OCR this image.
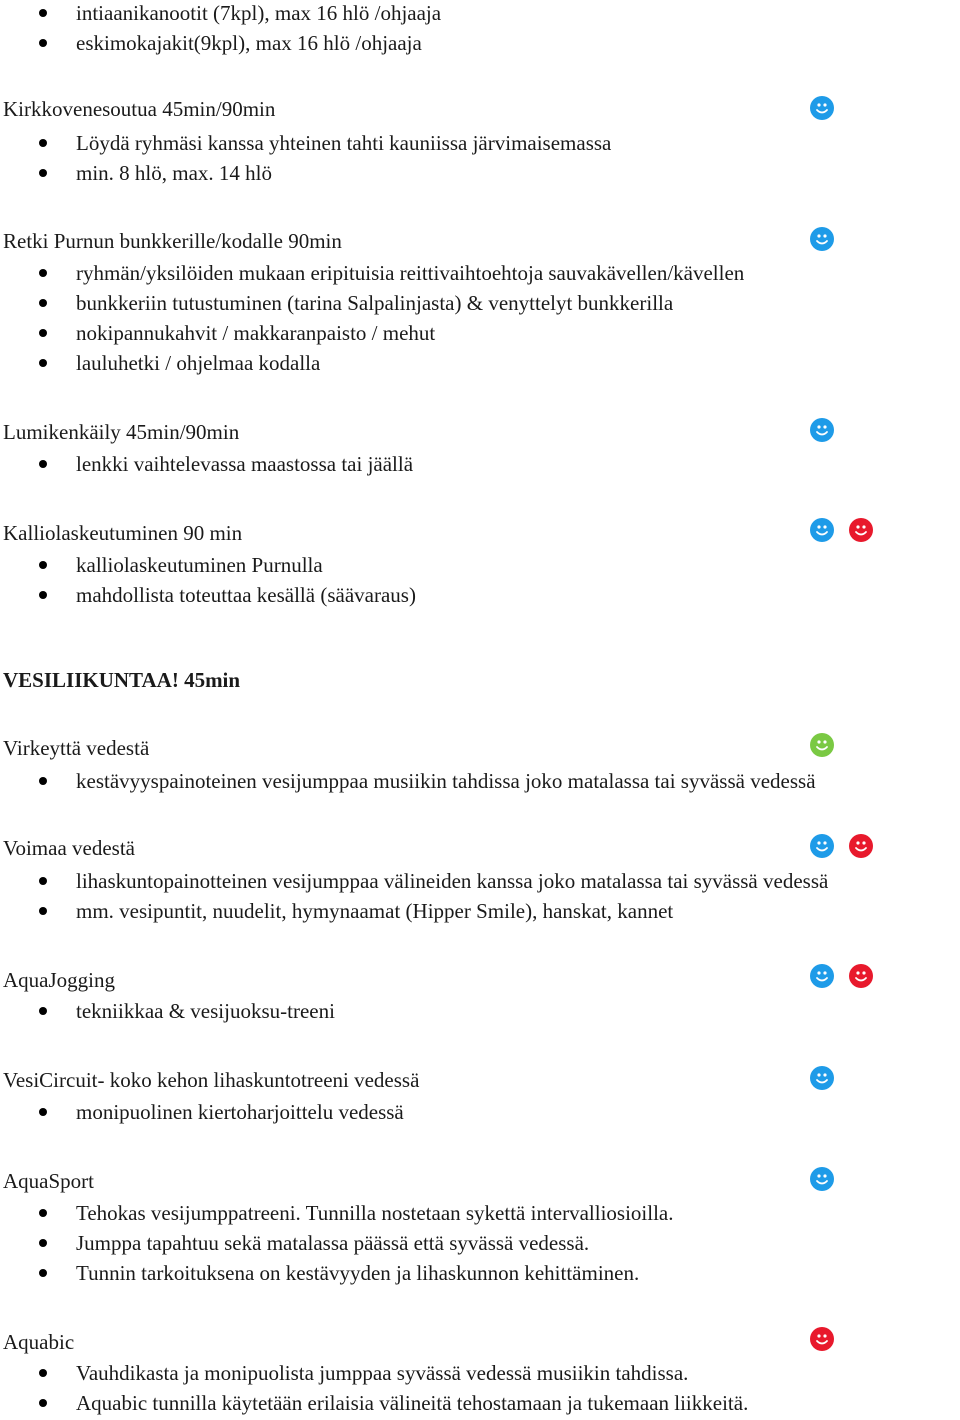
intiaanikanootit (7kpl), max 16 hlö /ohjaaja
eskimokajakit(9kpl), max 16 hlö /ohjaaja
Kirkkovenesoutua 45min/90min
Löydä ryhmäsi kanssa yhteinen tahti kauniissa järvimaisemassa
min. 8 hlö, max. 14 hlö
Retki Purnun bunkkerille/kodalle 90min
ryhmän/yksilöiden mukaan eripituisia reittivaihtoehtoja sauvakävellen/kävellen
bunkkeriin tutustuminen (tarina Salpalinjasta) & venyttelyt bunkkerilla
nokipannukahvit / makkaranpaisto / mehut
lauluhetki / ohjelmaa kodalla
Lumikenkäily 45min/90min
lenkki vaihtelevassa maastossa tai jäällä
Kalliolaskeutuminen 90 min
kalliolaskeutuminen Purnulla
mahdollista toteuttaa kesällä (säävaraus)
VESILIIKUNTAA! 45min
Virkeyttä vedestä
kestävyyspainoteinen vesijumppaa musiikin tahdissa joko matalassa tai syvässä vedessä
Voimaa vedestä
lihaskuntopainotteinen vesijumppaa välineiden kanssa joko matalassa tai syvässä vedessä
mm. vesipuntit, nuudelit, hymynaamat (Hipper Smile), hanskat, kannet
AquaJogging
tekniikkaa & vesijuoksu-treeni
VesiCircuit- koko kehon lihaskuntotreeni vedessä
monipuolinen kiertoharjoittelu vedessä
AquaSport
Tehokas vesijumppatreeni. Tunnilla nostetaan sykettä intervalliosioilla.
Jumppa tapahtuu sekä matalassa päässä että syvässä vedessä.
Tunnin tarkoituksena on kestävyyden ja lihaskunnon kehittäminen.
Aquabic
Vauhdikasta ja monipuolista jumppaa syvässä vedessä musiikin tahdissa.
Aquabic tunnilla käytetään erilaisia välineitä tehostamaan ja tukemaan liikkeitä.
